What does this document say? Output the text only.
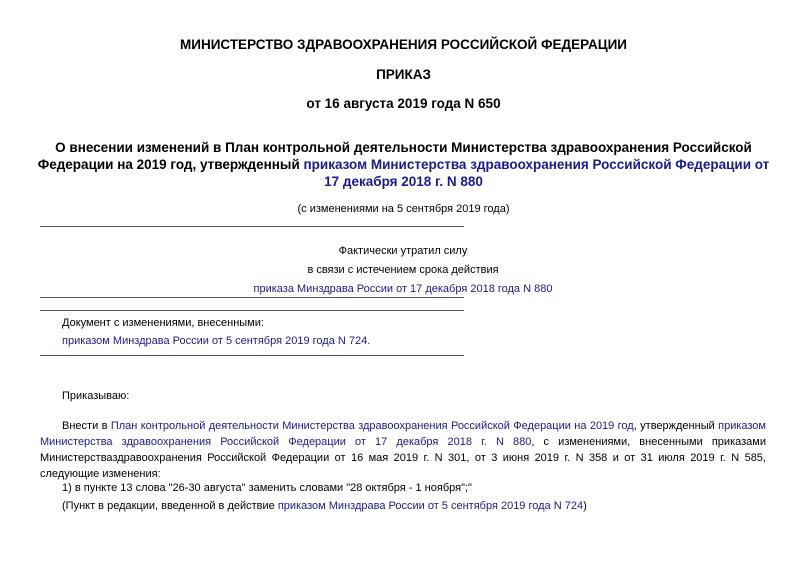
МИНИСТЕРСТВО ЗДРАВООХРАНЕНИЯ РОССИЙСКОЙ ФЕДЕРАЦИИ
ПРИКАЗ
от 16 августа 2019 года N 650
О внесении изменений в План контрольной деятельности Министерства здравоохранения Российской
Федерации на 2019 год, утвержденный приказом Министерства здравоохранения Российской Федерации от
17 декабря 2018 г. N 880
(с изменениями на 5 сентября 2019 года)
Фактически утратил силу
в связи с истечением срока действия
приказа Минздрава России от 17 декабря 2018 года N 880
Документ с изменениями, внесенными:
приказом Минздрава России от 5 сентября 2019 года N 724.
Приказываю:
Внести в План контрольной деятельности Министерства здравоохранения Российской Федерации на 2019 год, утвержденный приказом Министерства здравоохранения Российской Федерации от 17 декабря 2018 г. N 880, с изменениями, внесенными приказами Министерстваздравоохранения Российской Федерации от 16 мая 2019 г. N 301, от 3 июня 2019 г. N 358 и от 31 июля 2019 г. N 585, следующие изменения:
1) в пункте 13 слова "26-30 августа" заменить словами "28 октября - 1 ноября";"
(Пункт в редакции, введенной в действие приказом Минздрава России от 5 сентября 2019 года N 724)
